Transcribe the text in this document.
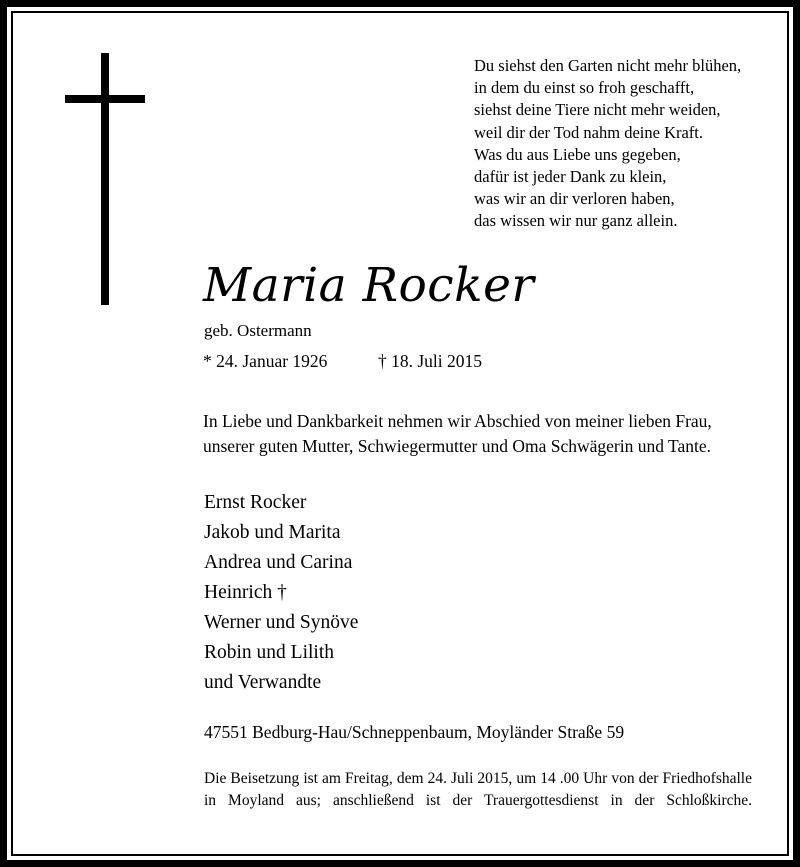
Du siehst den Garten nicht mehr blühen,
in dem du einst so froh geschafft,
siehst deine Tiere nicht mehr weiden,
weil dir der Tod nahm deine Kraft.
Was du aus Liebe uns gegeben,
dafür ist jeder Dank zu klein,
was wir an dir verloren haben,
das wissen wir nur ganz allein.
Maria Rocker
geb. Ostermann
* 24. Januar 1926	† 18. Juli 2015
In Liebe und Dankbarkeit nehmen wir Abschied von meiner lieben Frau,
unserer guten Mutter, Schwiegermutter und Oma Schwägerin und Tante.
Ernst Rocker
Jakob und Marita
Andrea und Carina
Heinrich †
Werner und Synöve
Robin und Lilith
und Verwandte
47551 Bedburg-Hau/Schneppenbaum, Moyländer Straße 59
Die Beisetzung ist am Freitag, dem 24. Juli 2015, um 14 .00 Uhr von der Friedhofshalle in Moyland aus; anschließend ist der Trauergottesdienst in der Schloßkirche.
